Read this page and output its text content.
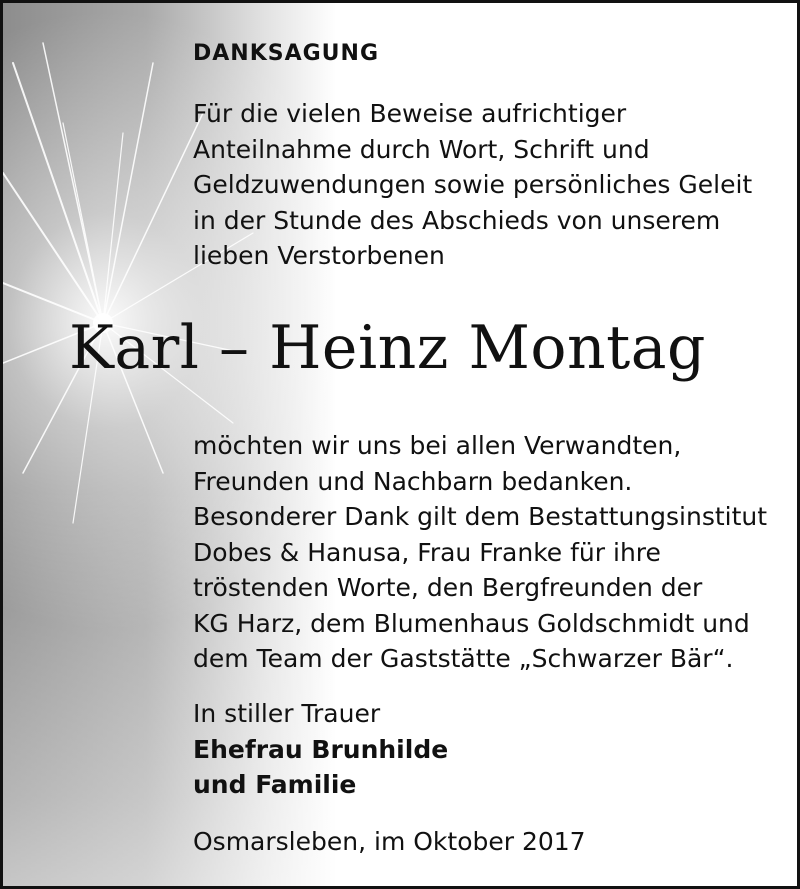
DANKSAGUNG
Für die vielen Beweise aufrichtiger
Anteilnahme durch Wort, Schrift und
Geldzuwendungen sowie persönliches Geleit
in der Stunde des Abschieds von unserem
lieben Verstorbenen
Karl – Heinz Montag
möchten wir uns bei allen Verwandten,
Freunden und Nachbarn bedanken.
Besonderer Dank gilt dem Bestattungsinstitut
Dobes & Hanusa, Frau Franke für ihre
tröstenden Worte, den Bergfreunden der
KG Harz, dem Blumenhaus Goldschmidt und
dem Team der Gaststätte „Schwarzer Bär“.
In stiller Trauer
Ehefrau Brunhilde
und Familie
Osmarsleben, im Oktober 2017
